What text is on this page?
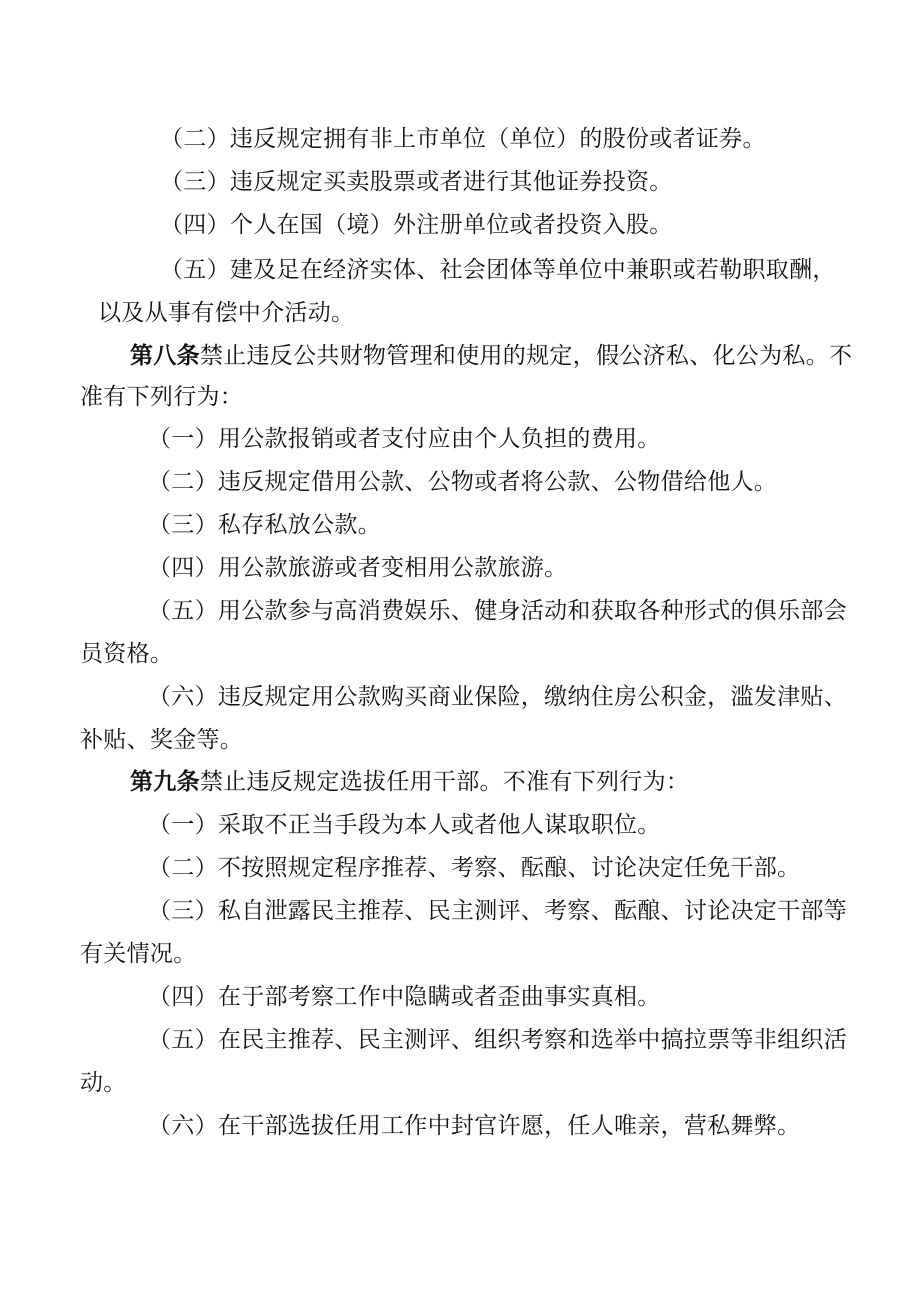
（二）违反规定拥有非上市单位（单位）的股份或者证券。
（三）违反规定买卖股票或者进行其他证券投资。
（四）个人在国（境）外注册单位或者投资入股。
（五）建及足在经济实体、社会团体等单位中兼职或若勒职取酬，
以及从事有偿中介活动。
第八条禁止违反公共财物管理和使用的规定，假公济私、化公为私。不
准有下列行为：
（一）用公款报销或者支付应由个人负担的费用。
（二）违反规定借用公款、公物或者将公款、公物借给他人。
（三）私存私放公款。
（四）用公款旅游或者变相用公款旅游。
（五）用公款参与高消费娱乐、健身活动和获取各种形式的俱乐部会
员资格。
（六）违反规定用公款购买商业保险，缴纳住房公积金，滥发津贴、
补贴、奖金等。
第九条禁止违反规定选拔任用干部。不准有下列行为：
（一）采取不正当手段为本人或者他人谋取职位。
（二）不按照规定程序推荐、考察、酝酿、讨论决定任免干部。
（三）私自泄露民主推荐、民主测评、考察、酝酿、讨论决定干部等
有关情况。
（四）在于部考察工作中隐瞒或者歪曲事实真相。
（五）在民主推荐、民主测评、组织考察和选举中搞拉票等非组织活
动。
（六）在干部选拔任用工作中封官许愿，任人唯亲，营私舞弊。
